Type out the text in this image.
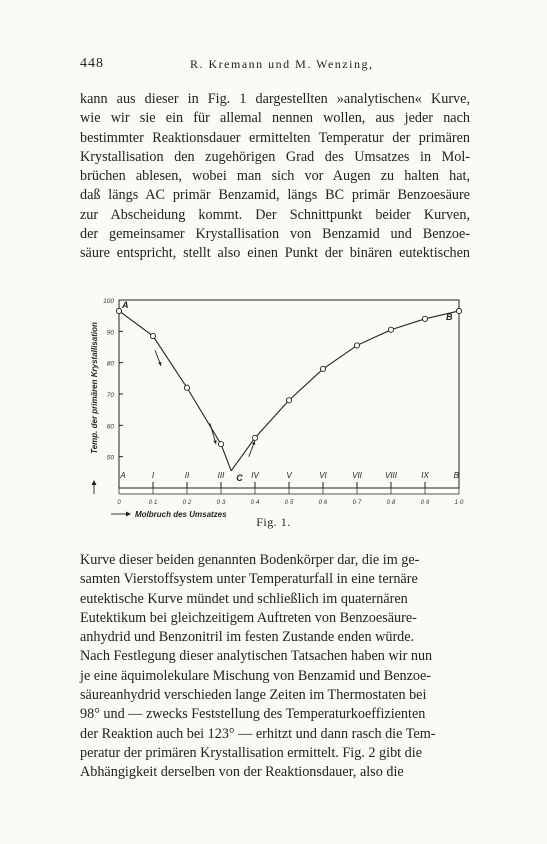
448	R. Kremann und M. Wenzing,
kann aus dieser in Fig. 1 dargestellten »analytischen« Kurve,
wie wir sie ein für allemal nennen wollen, aus jeder nach
bestimmter Reaktionsdauer ermittelten Temperatur der primären
Krystallisation den zugehörigen Grad des Umsatzes in Mol-
brüchen ablesen, wobei man sich vor Augen zu halten hat,
daß längs AC primär Benzamid, längs BC primär Benzoesäure
zur Abscheidung kommt. Der Schnittpunkt beider Kurven,
der gemeinsamer Krystallisation von Benzamid und Benzoe-
säure entspricht, stellt also einen Punkt der binären eutektischen
50
60
70
80
90
100
A
0
I
0·1
II
0·2
III
0·3
IV
0·4
V
0·5
VI
0·6
VII
0·7
VIII
0·8
IX
0·9
B
1·0
A
B
C
Temp. der primären Krystallisation
Molbruch des Umsatzes
Fig. 1.
Kurve dieser beiden genannten Bodenkörper dar, die im ge-
samten Vierstoffsystem unter Temperaturfall in eine ternäre
eutektische Kurve mündet und schließlich im quaternären
Eutektikum bei gleichzeitigem Auftreten von Benzoesäure-
anhydrid und Benzonitril im festen Zustande enden würde.
Nach Festlegung dieser analytischen Tatsachen haben wir nun
je eine äquimolekulare Mischung von Benzamid und Benzoe-
säureanhydrid verschieden lange Zeiten im Thermostaten bei
98° und — zwecks Feststellung des Temperaturkoeffizienten
der Reaktion auch bei 123° — erhitzt und dann rasch die Tem-
peratur der primären Krystallisation ermittelt. Fig. 2 gibt die
Abhängigkeit derselben von der Reaktionsdauer, also die
